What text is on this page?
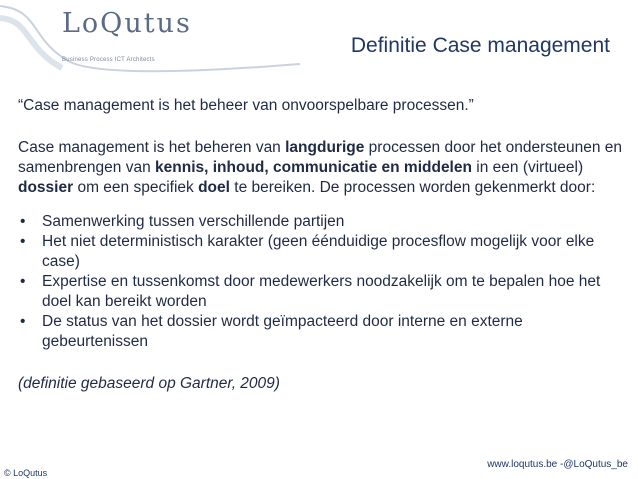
LoQutus
Business Process ICT Architects
Definitie Case management

“Case management is het beheer van onvoorspelbare processen.”

Case management is het beheren van langdurige processen door het ondersteunen en samenbrengen van kennis, inhoud, communicatie en middelen in een (virtueel) dossier om een specifiek doel te bereiken. De processen worden gekenmerkt door:

• Samenwerking tussen verschillende partijen
• Het niet deterministisch karakter (geen éénduidige procesflow mogelijk voor elke case)
• Expertise en tussenkomst door medewerkers noodzakelijk om te bepalen hoe het doel kan bereikt worden
• De status van het dossier wordt geïmpacteerd door interne en externe gebeurtenissen

(definitie gebaseerd op Gartner, 2009)

www.loqutus.be -@LoQutus_be
© LoQutus
